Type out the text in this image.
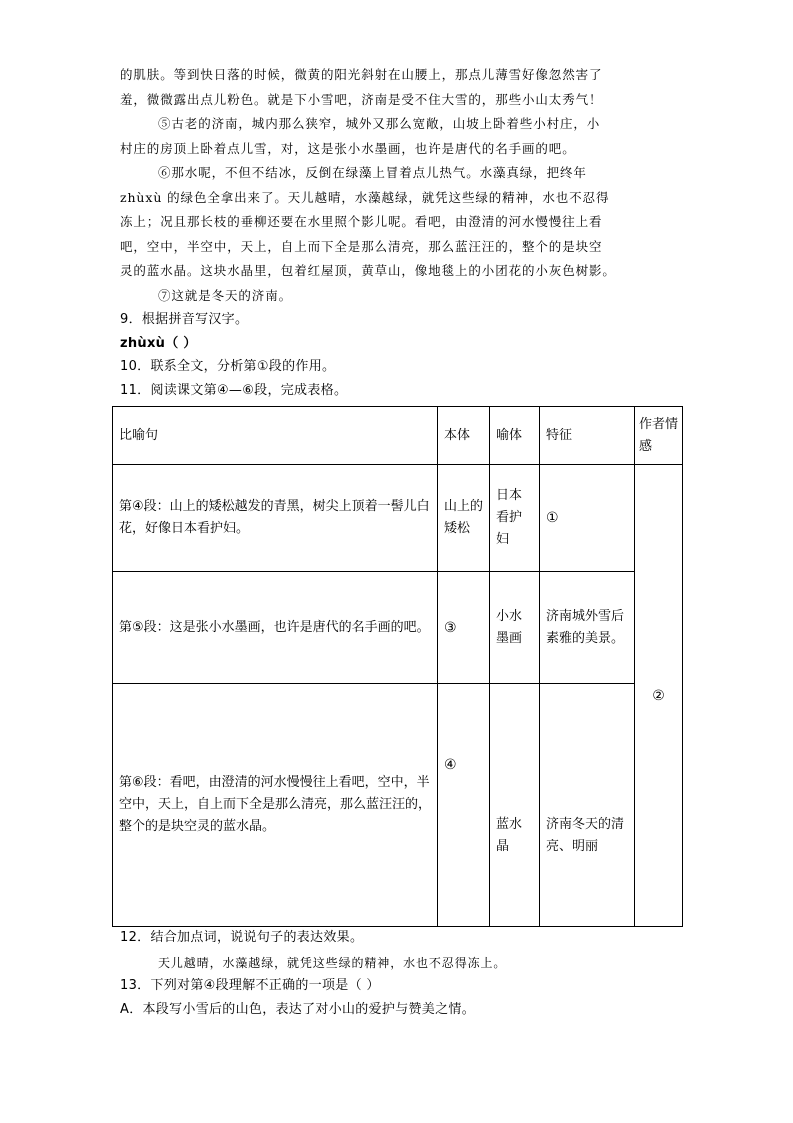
的肌肤。等到快日落的时候，微黄的阳光斜射在山腰上，那点儿薄雪好像忽然害了
羞，微微露出点儿粉色。就是下小雪吧，济南是受不住大雪的，那些小山太秀气！
⑤古老的济南，城内那么狭窄，城外又那么宽敞，山坡上卧着些小村庄，小
村庄的房顶上卧着点儿雪，对，这是张小水墨画，也许是唐代的名手画的吧。
⑥那水呢，不但不结冰，反倒在绿藻上冒着点儿热气。水藻真绿，把终年
zhùxù 的绿色全拿出来了。天儿越晴，水藻越绿，就凭这些绿的精神，水也不忍得
冻上；况且那长枝的垂柳还要在水里照个影儿呢。看吧，由澄清的河水慢慢往上看
吧，空中，半空中，天上，自上而下全是那么清亮，那么蓝汪汪的，整个的是块空
灵的蓝水晶。这块水晶里，包着红屋顶，黄草山，像地毯上的小团花的小灰色树影。
⑦这就是冬天的济南。
9．根据拼音写汉字。
zhùxù（ ）
10．联系全文，分析第①段的作用。
11．阅读课文第④—⑥段，完成表格。
比喻句	本体	喻体	特征	作者情感
第④段：山上的矮松越发的青黑，树尖上顶着一髻儿白花，好像日本看护妇。	山上的矮松	日本看护妇	①	②
第⑤段：这是张小水墨画，也许是唐代的名手画的吧。	③	小水墨画	济南城外雪后素雅的美景。	
第⑥段：看吧，由澄清的河水慢慢往上看吧，空中，半空中，天上，自上而下全是那么清亮，那么蓝汪汪的，整个的是块空灵的蓝水晶。	④	蓝水晶	济南冬天的清亮、明丽	
12．结合加点词，说说句子的表达效果。
天儿越晴，水藻越绿，就凭这些绿的精神，水也不忍得冻上。
13．下列对第④段理解不正确的一项是（ ）
A．本段写小雪后的山色，表达了对小山的爱护与赞美之情。
